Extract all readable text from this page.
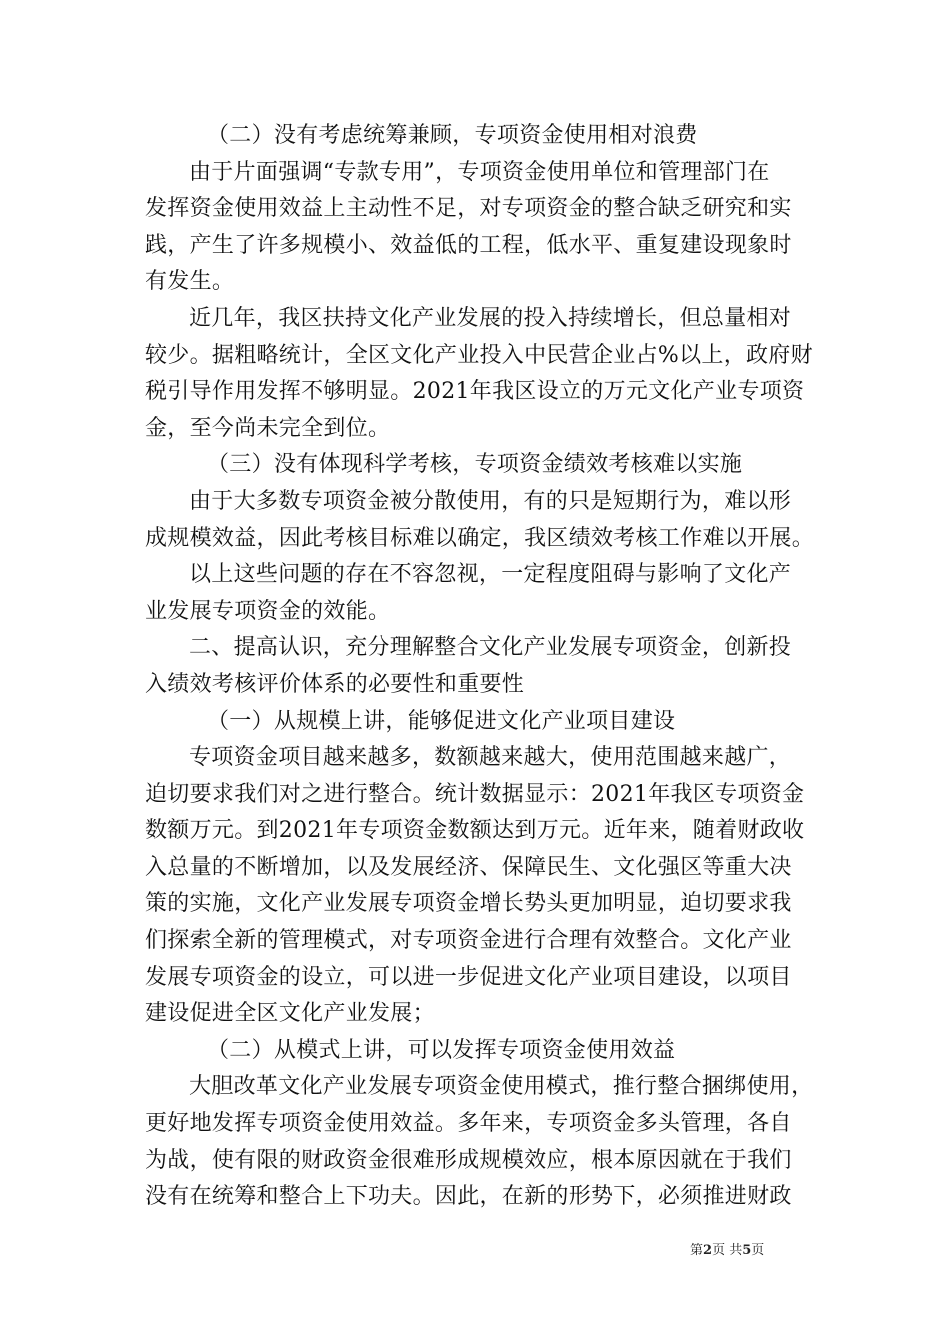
（二）没有考虑统筹兼顾，专项资金使用相对浪费
由于片面强调“专款专用”，专项资金使用单位和管理部门在
发挥资金使用效益上主动性不足，对专项资金的整合缺乏研究和实
践，产生了许多规模小、效益低的工程，低水平、重复建设现象时
有发生。
近几年，我区扶持文化产业发展的投入持续增长，但总量相对
较少。据粗略统计，全区文化产业投入中民营企业占%以上，政府财
税引导作用发挥不够明显。2021年我区设立的万元文化产业专项资
金，至今尚未完全到位。
（三）没有体现科学考核，专项资金绩效考核难以实施
由于大多数专项资金被分散使用，有的只是短期行为，难以形
成规模效益，因此考核目标难以确定，我区绩效考核工作难以开展。
以上这些问题的存在不容忽视，一定程度阻碍与影响了文化产
业发展专项资金的效能。
二、提高认识，充分理解整合文化产业发展专项资金，创新投
入绩效考核评价体系的必要性和重要性
（一）从规模上讲，能够促进文化产业项目建设
专项资金项目越来越多，数额越来越大，使用范围越来越广，
迫切要求我们对之进行整合。统计数据显示：2021年我区专项资金
数额万元。到2021年专项资金数额达到万元。近年来，随着财政收
入总量的不断增加，以及发展经济、保障民生、文化强区等重大决
策的实施，文化产业发展专项资金增长势头更加明显，迫切要求我
们探索全新的管理模式，对专项资金进行合理有效整合。文化产业
发展专项资金的设立，可以进一步促进文化产业项目建设，以项目
建设促进全区文化产业发展；
（二）从模式上讲，可以发挥专项资金使用效益
大胆改革文化产业发展专项资金使用模式，推行整合捆绑使用，
更好地发挥专项资金使用效益。多年来，专项资金多头管理，各自
为战，使有限的财政资金很难形成规模效应，根本原因就在于我们
没有在统筹和整合上下功夫。因此，在新的形势下，必须推进财政
第2页 共5页
